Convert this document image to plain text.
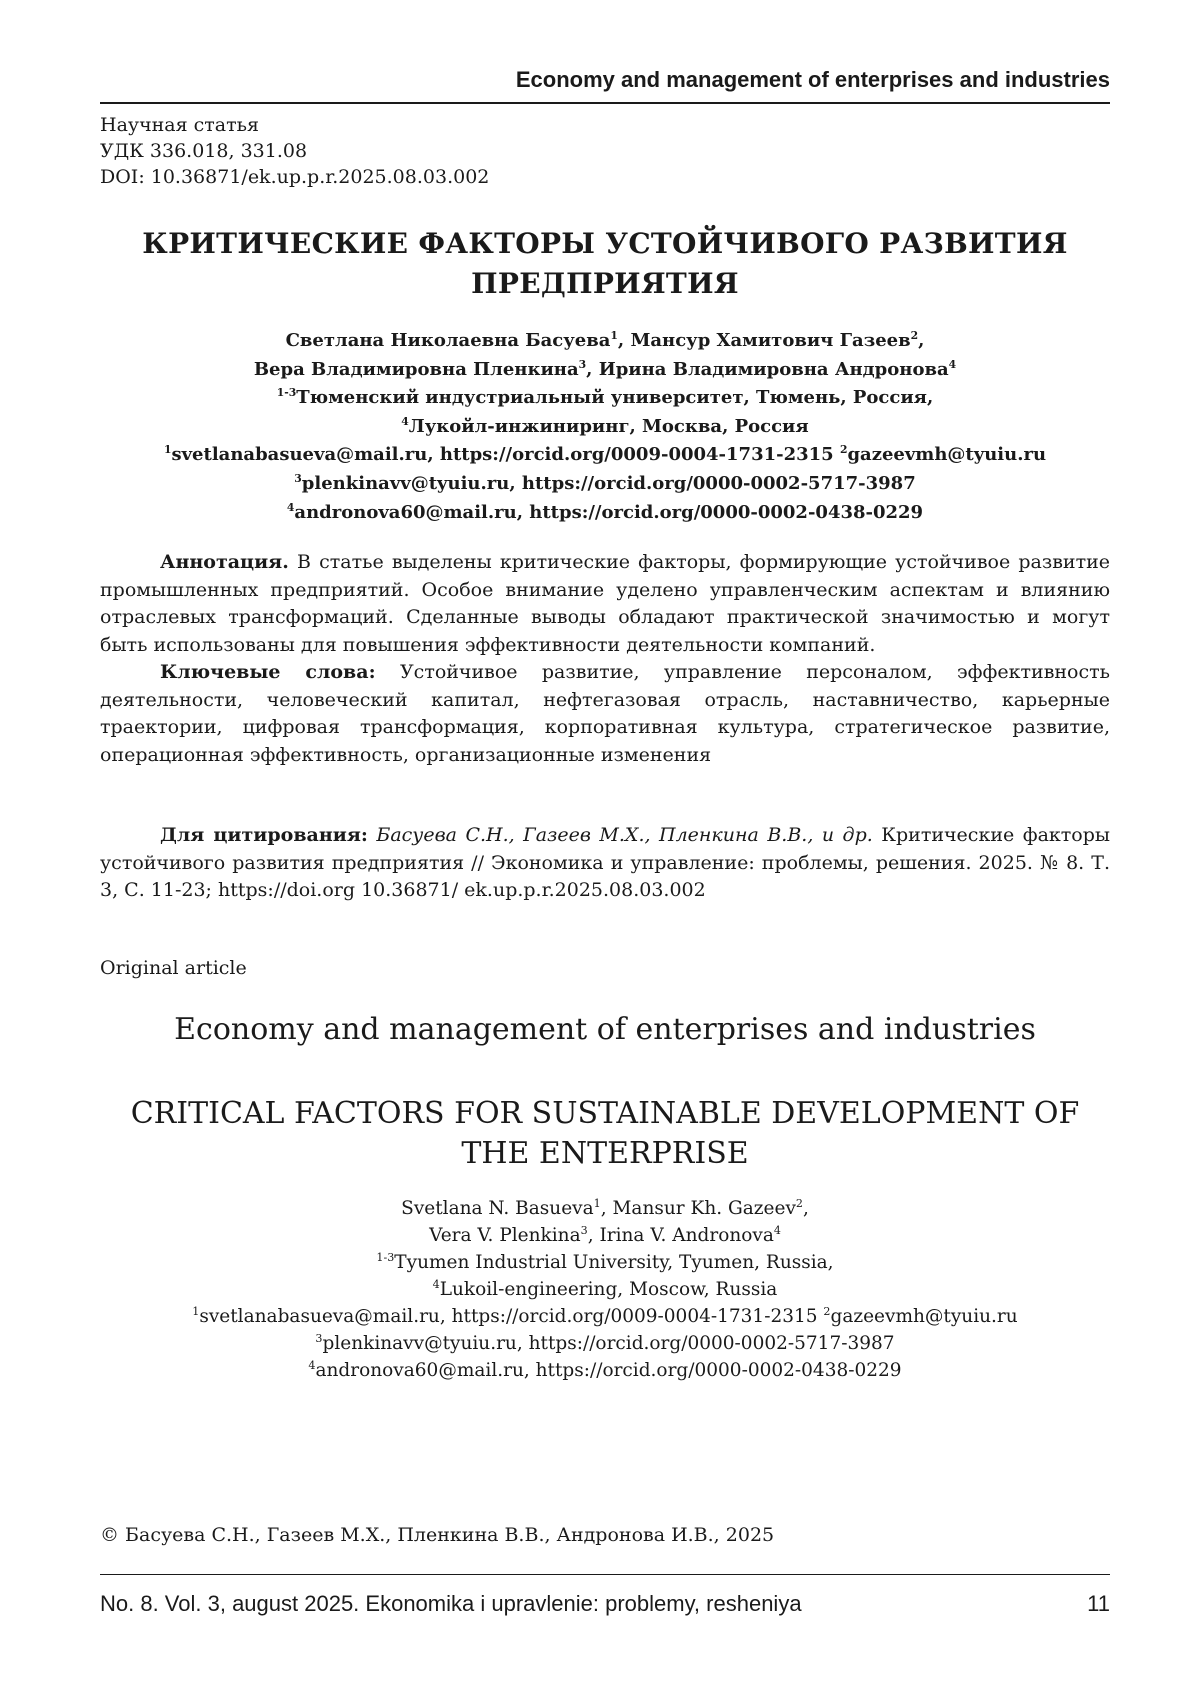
Economy and management of enterprises and industries
Научная статья
УДК 336.018, 331.08
DOI: 10.36871/ek.up.p.r.2025.08.03.002
КРИТИЧЕСКИЕ ФАКТОРЫ УСТОЙЧИВОГО РАЗВИТИЯ
ПРЕДПРИЯТИЯ
Светлана Николаевна Басуева$^1$, Мансур Хамитович Газеев$^2$,
Вера Владимировна Пленкина$^3$, Ирина Владимировна Андронова$^4$
$^{1-3}$Тюменский индустриальный университет, Тюмень, Россия,
$^4$Лукойл-инжиниринг, Москва, Россия
$^1$svetlanabasueva@mail.ru, https://orcid.org/0009-0004-1731-2315 $^2$gazeevmh@tyuiu.ru
$^3$plenkinavv@tyuiu.ru, https://orcid.org/0000-0002-5717-3987
$^4$andronova60@mail.ru, https://orcid.org/0000-0002-0438-0229

Аннотация. В статье выделены критические факторы, формирующие устойчивое развитие промышленных предприятий. Особое внимание уделено управленческим аспектам и влиянию отраслевых трансформаций. Сделанные выводы обладают практической значимостью и могут быть использованы для повышения эффективности деятельности компаний.

Ключевые слова: Устойчивое развитие, управление персоналом, эффективность деятельности, человеческий капитал, нефтегазовая отрасль, наставничество, карьерные траектории, цифровая трансформация, корпоративная культура, стратегическое развитие, операционная эффективность, организационные изменения

Для цитирования: Басуева С.Н., Газеев М.Х., Пленкина В.В., и др. Критические факторы устойчивого развития предприятия // Экономика и управление: проблемы, решения. 2025. № 8. Т. 3, С. 11-23; https://doi.org 10.36871/ ek.up.p.r.2025.08.03.002

Original article
Economy and management of enterprises and industries
CRITICAL FACTORS FOR SUSTAINABLE DEVELOPMENT OF
THE ENTERPRISE
Svetlana N. Basueva$^1$, Mansur Kh. Gazeev$^2$,
Vera V. Plenkina$^3$, Irina V. Andronova$^4$
$^{1-3}$Tyumen Industrial University, Tyumen, Russia,
$^4$Lukoil-engineering, Moscow, Russia
$^1$svetlanabasueva@mail.ru, https://orcid.org/0009-0004-1731-2315 $^2$gazeevmh@tyuiu.ru
$^3$plenkinavv@tyuiu.ru, https://orcid.org/0000-0002-5717-3987
$^4$andronova60@mail.ru, https://orcid.org/0000-0002-0438-0229
© Басуева С.Н., Газеев М.Х., Пленкина В.В., Андронова И.В., 2025
No. 8. Vol. 3, august 2025. Ekonomika i upravlenie: problemy, resheniya	11
